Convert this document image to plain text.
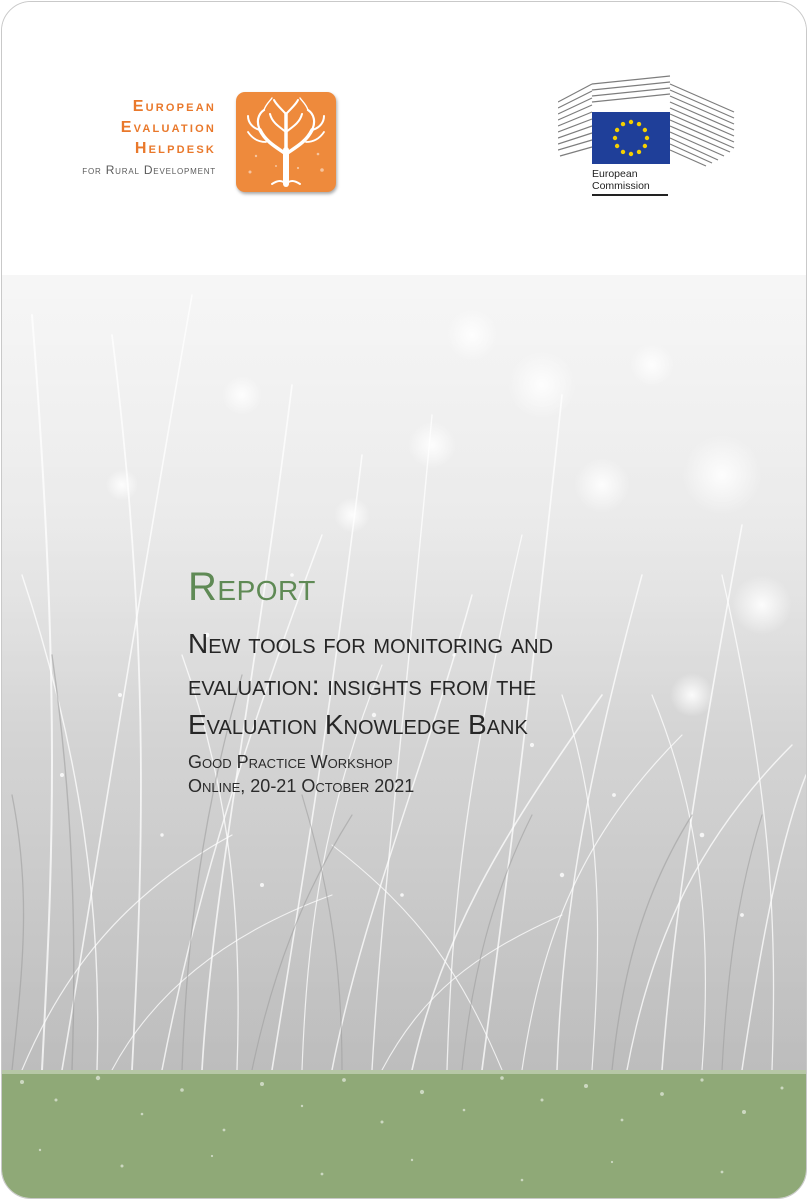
European
Evaluation
Helpdesk
for Rural Development	European
Commission
Report
New tools for monitoring and
evaluation: insights from the
Evaluation Knowledge Bank
Good Practice Workshop
Online, 20-21 October 2021
